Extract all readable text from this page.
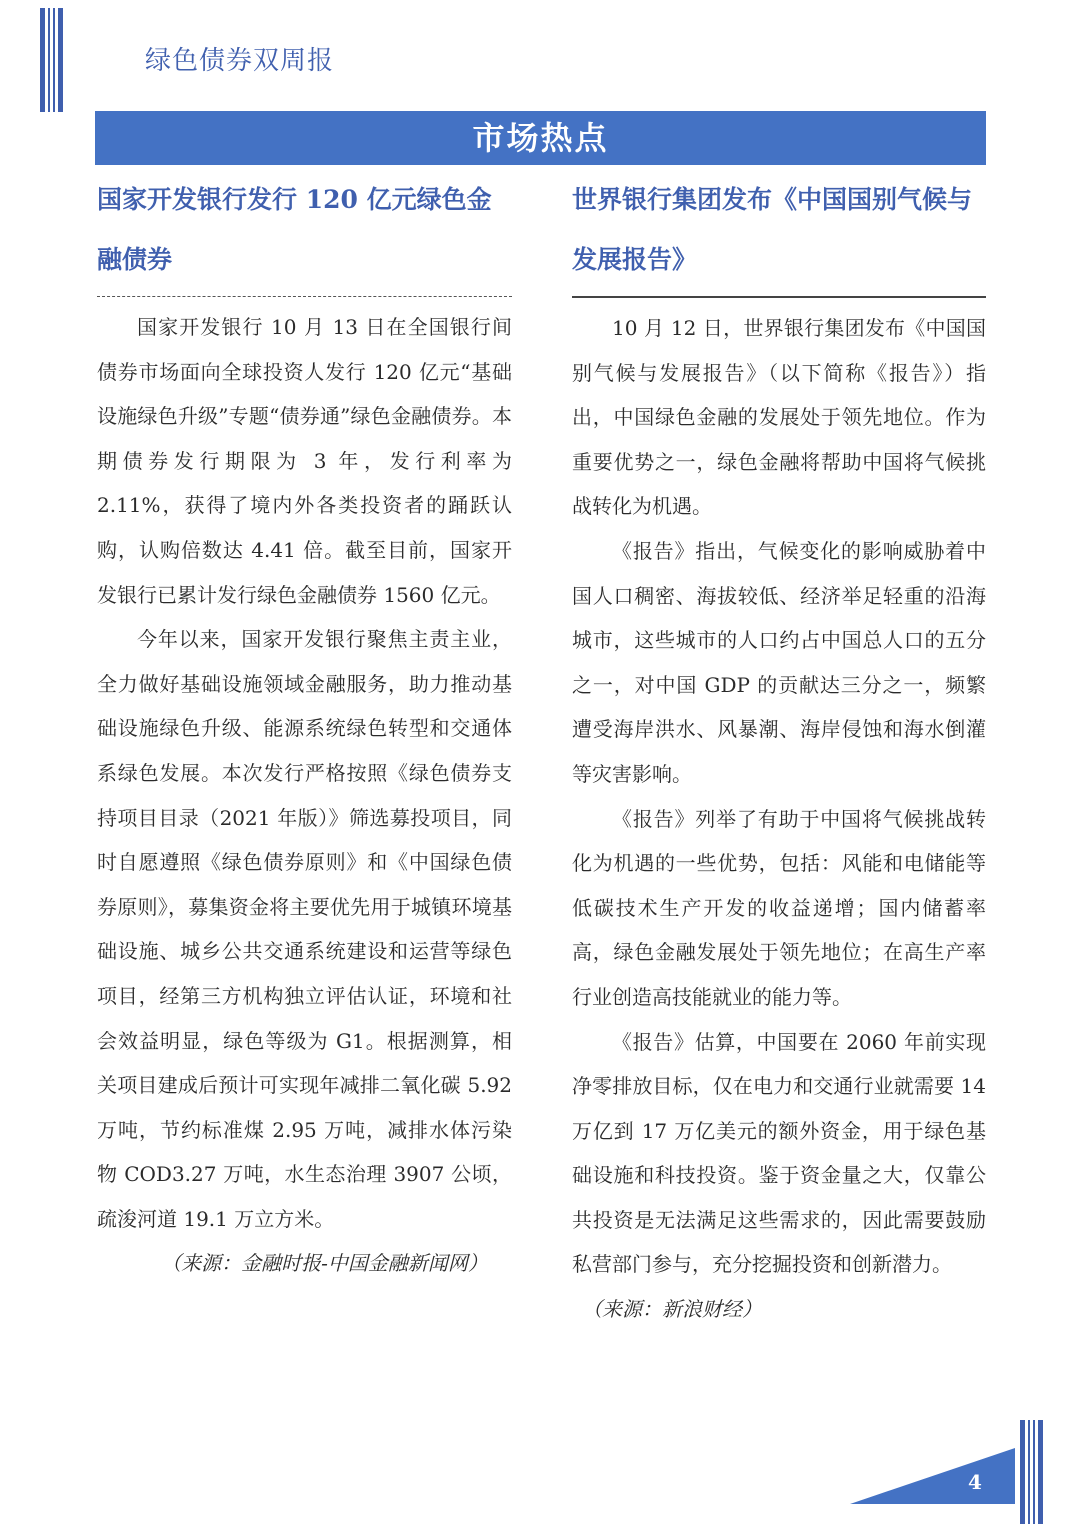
绿色债券双周报
市场热点
国家开发银行发行 120 亿元绿色金融债券

国家开发银行 10 月 13 日在全国银行间债券市场面向全球投资人发行 120 亿元“基础设施绿色升级”专题“债券通”绿色金融债券。本期债券发行期限为 3 年，发行利率为 2.11%，获得了境内外各类投资者的踊跃认购，认购倍数达 4.41 倍。截至目前，国家开发银行已累计发行绿色金融债券 1560 亿元。

今年以来，国家开发银行聚焦主责主业，全力做好基础设施领域金融服务，助力推动基础设施绿色升级、能源系统绿色转型和交通体系绿色发展。本次发行严格按照《绿色债券支持项目目录（2021 年版）》筛选募投项目，同时自愿遵照《绿色债券原则》和《中国绿色债券原则》，募集资金将主要优先用于城镇环境基础设施、城乡公共交通系统建设和运营等绿色项目，经第三方机构独立评估认证，环境和社会效益明显，绿色等级为 G1。根据测算，相关项目建成后预计可实现年减排二氧化碳 5.92 万吨，节约标准煤 2.95 万吨，减排水体污染物 COD3.27 万吨，水生态治理 3907 公顷，疏浚河道 19.1 万立方米。

（来源：金融时报-中国金融新闻网）

世界银行集团发布《中国国别气候与发展报告》

10 月 12 日，世界银行集团发布《中国国别气候与发展报告》（以下简称《报告》）指出，中国绿色金融的发展处于领先地位。作为重要优势之一，绿色金融将帮助中国将气候挑战转化为机遇。

《报告》指出，气候变化的影响威胁着中国人口稠密、海拔较低、经济举足轻重的沿海城市，这些城市的人口约占中国总人口的五分之一，对中国 GDP 的贡献达三分之一，频繁遭受海岸洪水、风暴潮、海岸侵蚀和海水倒灌等灾害影响。

《报告》列举了有助于中国将气候挑战转化为机遇的一些优势，包括：风能和电储能等低碳技术生产开发的收益递增；国内储蓄率高，绿色金融发展处于领先地位；在高生产率行业创造高技能就业的能力等。

《报告》估算，中国要在 2060 年前实现净零排放目标，仅在电力和交通行业就需要 14 万亿到 17 万亿美元的额外资金，用于绿色基础设施和科技投资。鉴于资金量之大，仅靠公共投资是无法满足这些需求的，因此需要鼓励私营部门参与，充分挖掘投资和创新潜力。

（来源：新浪财经）

4
